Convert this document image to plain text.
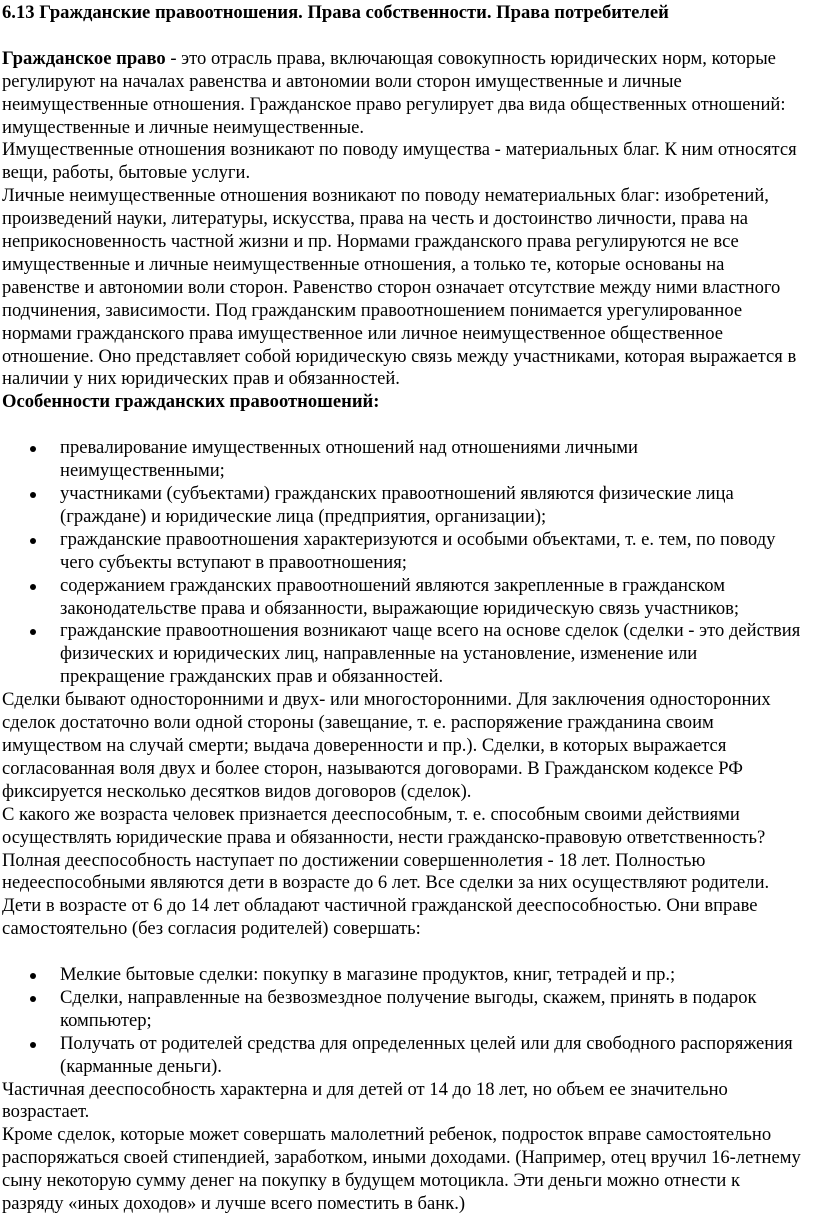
6.13 Гражданские правоотношения. Права собственности. Права потребителей

Гражданское право - это отрасль права, включающая совокупность юридических норм, которые регулируют на началах равенства и автономии воли сторон имущественные и личные неимущественные отношения. Гражданское право регулирует два вида общественных отношений: имущественные и личные неимущественные.

Имущественные отношения возникают по поводу имущества - материальных благ. К ним относятся вещи, работы, бытовые услуги.

Личные неимущественные отношения возникают по поводу нематериальных благ: изобретений, произведений науки, литературы, искусства, права на честь и достоинство личности, права на неприкосновенность частной жизни и пр. Нормами гражданского права регулируются не все имущественные и личные неимущественные отношения, а только те, которые основаны на равенстве и автономии воли сторон. Равенство сторон означает отсутствие между ними властного подчинения, зависимости. Под гражданским правоотношением понимается урегулированное нормами гражданского права имущественное или личное неимущественное общественное отношение. Оно представляет собой юридическую связь между участниками, которая выражается в наличии у них юридических прав и обязанностей.

Особенности гражданских правоотношений:

превалирование имущественных отношений над отношениями личными неимущественными;
участниками (субъектами) гражданских правоотношений являются физические лица (граждане) и юридические лица (предприятия, организации);
гражданские правоотношения характеризуются и особыми объектами, т. е. тем, по поводу чего субъекты вступают в правоотношения;
содержанием гражданских правоотношений являются закрепленные в гражданском законодательстве права и обязанности, выражающие юридическую связь участников;
гражданские правоотношения возникают чаще всего на основе сделок (сделки - это действия физических и юридических лиц, направленные на установление, изменение или прекращение гражданских прав и обязанностей.

Сделки бывают односторонними и двух- или многосторонними. Для заключения односторонних сделок достаточно воли одной стороны (завещание, т. е. распоряжение гражданина своим имуществом на случай смерти; выдача доверенности и пр.). Сделки, в которых выражается согласованная воля двух и более сторон, называются договорами. В Гражданском кодексе РФ фиксируется несколько десятков видов договоров (сделок).

С какого же возраста человек признается дееспособным, т. е. способным своими действиями осуществлять юридические права и обязанности, нести гражданско-правовую ответственность? Полная дееспособность наступает по достижении совершеннолетия - 18 лет. Полностью недееспособными являются дети в возрасте до 6 лет. Все сделки за них осуществляют родители. Дети в возрасте от 6 до 14 лет обладают частичной гражданской дееспособностью. Они вправе самостоятельно (без согласия родителей) совершать:

Мелкие бытовые сделки: покупку в магазине продуктов, книг, тетрадей и пр.;
Сделки, направленные на безвозмездное получение выгоды, скажем, принять в подарок компьютер;
Получать от родителей средства для определенных целей или для свободного распоряжения (карманные деньги).

Частичная дееспособность характерна и для детей от 14 до 18 лет, но объем ее значительно возрастает.

Кроме сделок, которые может совершать малолетний ребенок, подросток вправе самостоятельно распоряжаться своей стипендией, заработком, иными доходами. (Например, отец вручил 16-летнему сыну некоторую сумму денег на покупку в будущем мотоцикла. Эти деньги можно отнести к разряду «иных доходов» и лучше всего поместить в банк.)
